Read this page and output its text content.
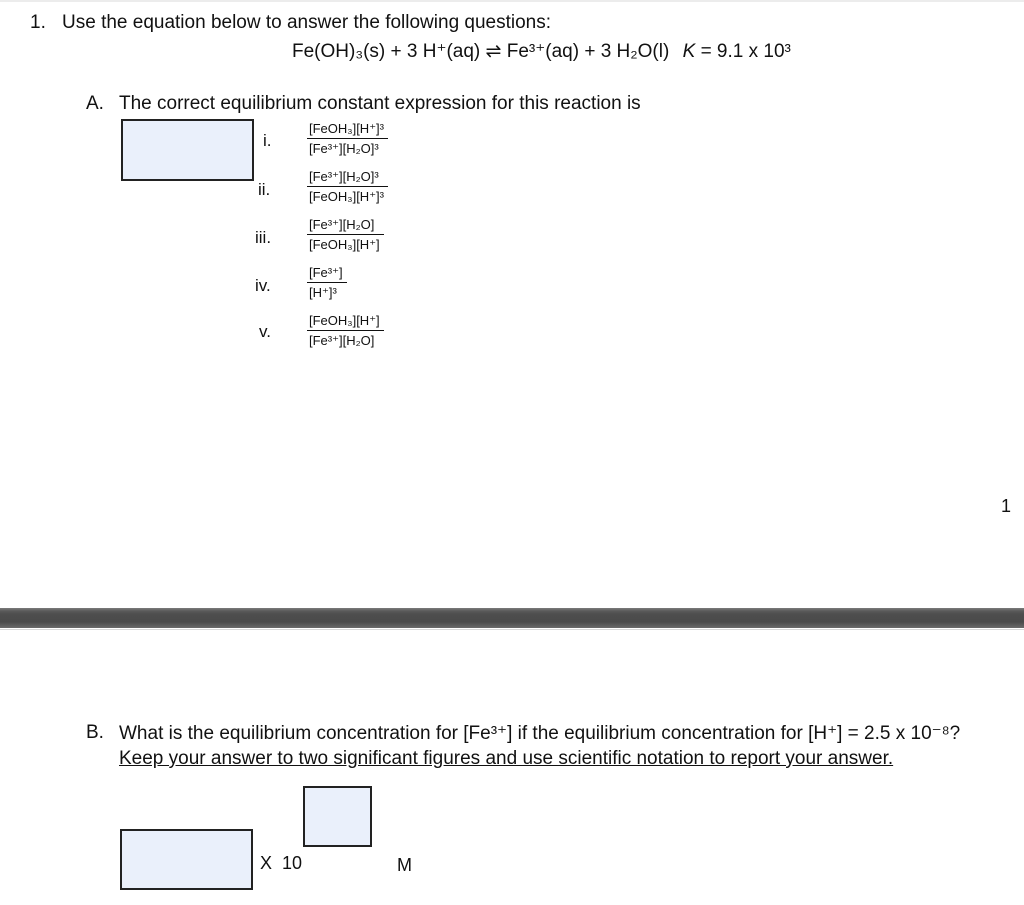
1. Use the equation below to answer the following questions:
Fe(OH)₃(s) + 3 H⁺(aq) ⇌ Fe³⁺(aq) + 3 H₂O(l) K = 9.1 x 10³
A. The correct equilibrium constant expression for this reaction is
i.
ii.
iii.
iv.
v.
[FeOH₃][H⁺]³
[Fe³⁺][H₂O]³
[Fe³⁺][H₂O]³
[FeOH₃][H⁺]³
[Fe³⁺][H₂O]
[FeOH₃][H⁺]
[Fe³⁺]
[H⁺]³
[FeOH₃][H⁺]
[Fe³⁺][H₂O]
1
B. What is the equilibrium concentration for [Fe³⁺] if the equilibrium concentration for [H⁺] = 2.5 x 10⁻⁸?
Keep your answer to two significant figures and use scientific notation to report your answer.
X  10	M
